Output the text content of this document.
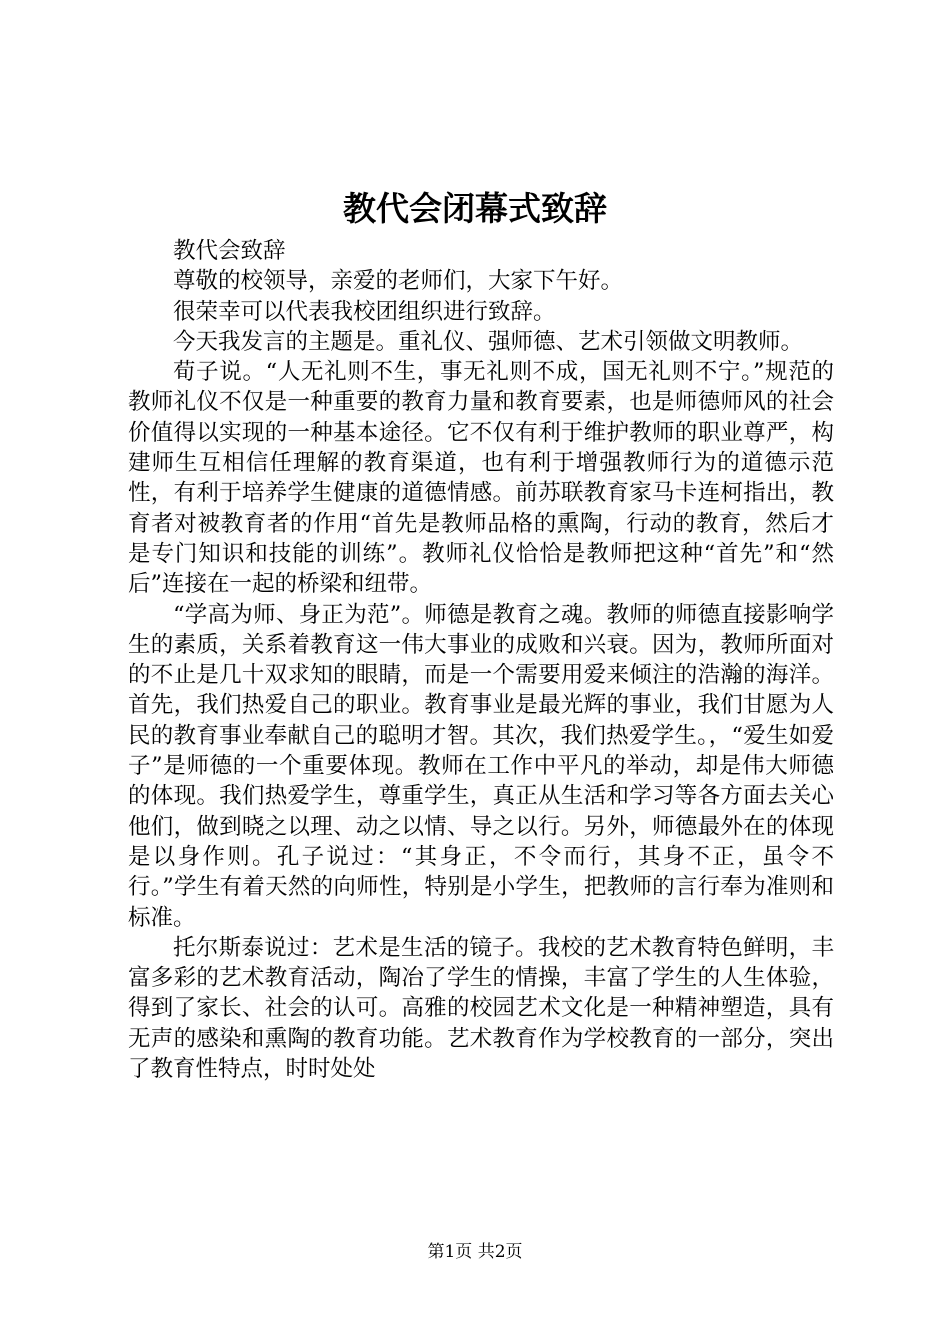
教代会闭幕式致辞

教代会致辞

尊敬的校领导，亲爱的老师们，大家下午好。

很荣幸可以代表我校团组织进行致辞。

今天我发言的主题是。重礼仪、强师德、艺术引领做文明教师。

荀子说。“人无礼则不生，事无礼则不成，国无礼则不宁。”规范的教师礼仪不仅是一种重要的教育力量和教育要素，也是师德师风的社会价值得以实现的一种基本途径。它不仅有利于维护教师的职业尊严，构建师生互相信任理解的教育渠道，也有利于增强教师行为的道德示范性，有利于培养学生健康的道德情感。前苏联教育家马卡连柯指出，教育者对被教育者的作用“首先是教师品格的熏陶，行动的教育，然后才是专门知识和技能的训练”。教师礼仪恰恰是教师把这种“首先”和“然后”连接在一起的桥梁和纽带。

“学高为师、身正为范”。师德是教育之魂。教师的师德直接影响学生的素质，关系着教育这一伟大事业的成败和兴衰。因为，教师所面对的不止是几十双求知的眼睛，而是一个需要用爱来倾注的浩瀚的海洋。首先，我们热爱自己的职业。教育事业是最光辉的事业，我们甘愿为人民的教育事业奉献自己的聪明才智。其次，我们热爱学生。，“爱生如爱子”是师德的一个重要体现。教师在工作中平凡的举动，却是伟大师德的体现。我们热爱学生，尊重学生，真正从生活和学习等各方面去关心他们，做到晓之以理、动之以情、导之以行。另外，师德最外在的体现是以身作则。孔子说过：“其身正，不令而行，其身不正，虽令不行。”学生有着天然的向师性，特别是小学生，把教师的言行奉为准则和标准。

托尔斯泰说过：艺术是生活的镜子。我校的艺术教育特色鲜明，丰富多彩的艺术教育活动，陶冶了学生的情操，丰富了学生的人生体验，得到了家长、社会的认可。高雅的校园艺术文化是一种精神塑造，具有无声的感染和熏陶的教育功能。艺术教育作为学校教育的一部分，突出了教育性特点，时时处处

第1页 共2页
